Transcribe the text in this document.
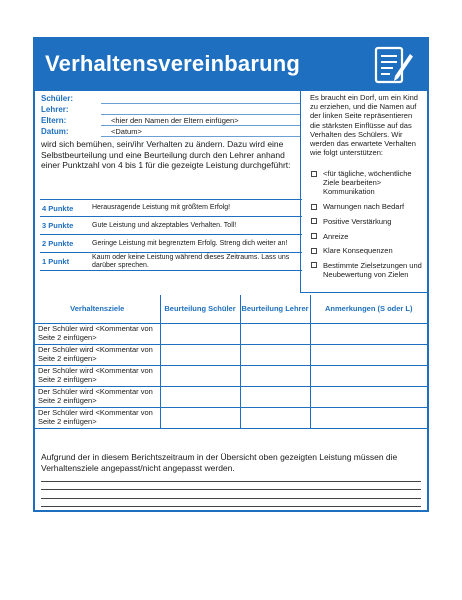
Verhaltensvereinbarung
Schüler:
Lehrer:
Eltern:	<hier den Namen der Eltern einfügen>
Datum:	<Datum>

wird sich bemühen, sein/ihr Verhalten zu ändern. Dazu wird eine Selbstbeurteilung und eine Beurteilung durch den Lehrer anhand einer Punktzahl von 4 bis 1 für die gezeigte Leistung durchgeführt:

4 Punkte	Herausragende Leistung mit größtem Erfolg!
3 Punkte	Gute Leistung und akzeptables Verhalten. Toll!
2 Punkte	Geringe Leistung mit begrenztem Erfolg. Streng dich weiter an!
1 Punkt	Kaum oder keine Leistung während dieses Zeitraums. Lass uns darüber sprechen.

Es braucht ein Dorf, um ein Kind zu erziehen, und die Namen auf der linken Seite repräsentieren die stärksten Einflüsse auf das Verhalten des Schülers. Wir werden das erwartete Verhalten wie folgt unterstützen:

<für tägliche, wöchentliche Ziele bearbeiten> Kommunikation
Warnungen nach Bedarf
Positive Verstärkung
Anreize
Klare Konsequenzen
Bestimmte Zielsetzungen und Neubewertung von Zielen
Verhaltensziele	Beurteilung Schüler	Beurteilung Lehrer	Anmerkungen (S oder L)
Der Schüler wird <Kommentar von Seite 2 einfügen>			
Der Schüler wird <Kommentar von Seite 2 einfügen>			
Der Schüler wird <Kommentar von Seite 2 einfügen>			
Der Schüler wird <Kommentar von Seite 2 einfügen>			
Der Schüler wird <Kommentar von Seite 2 einfügen>			

Aufgrund der in diesem Berichtszeitraum in der Übersicht oben gezeigten Leistung müssen die Verhaltensziele angepasst/nicht angepasst werden.
